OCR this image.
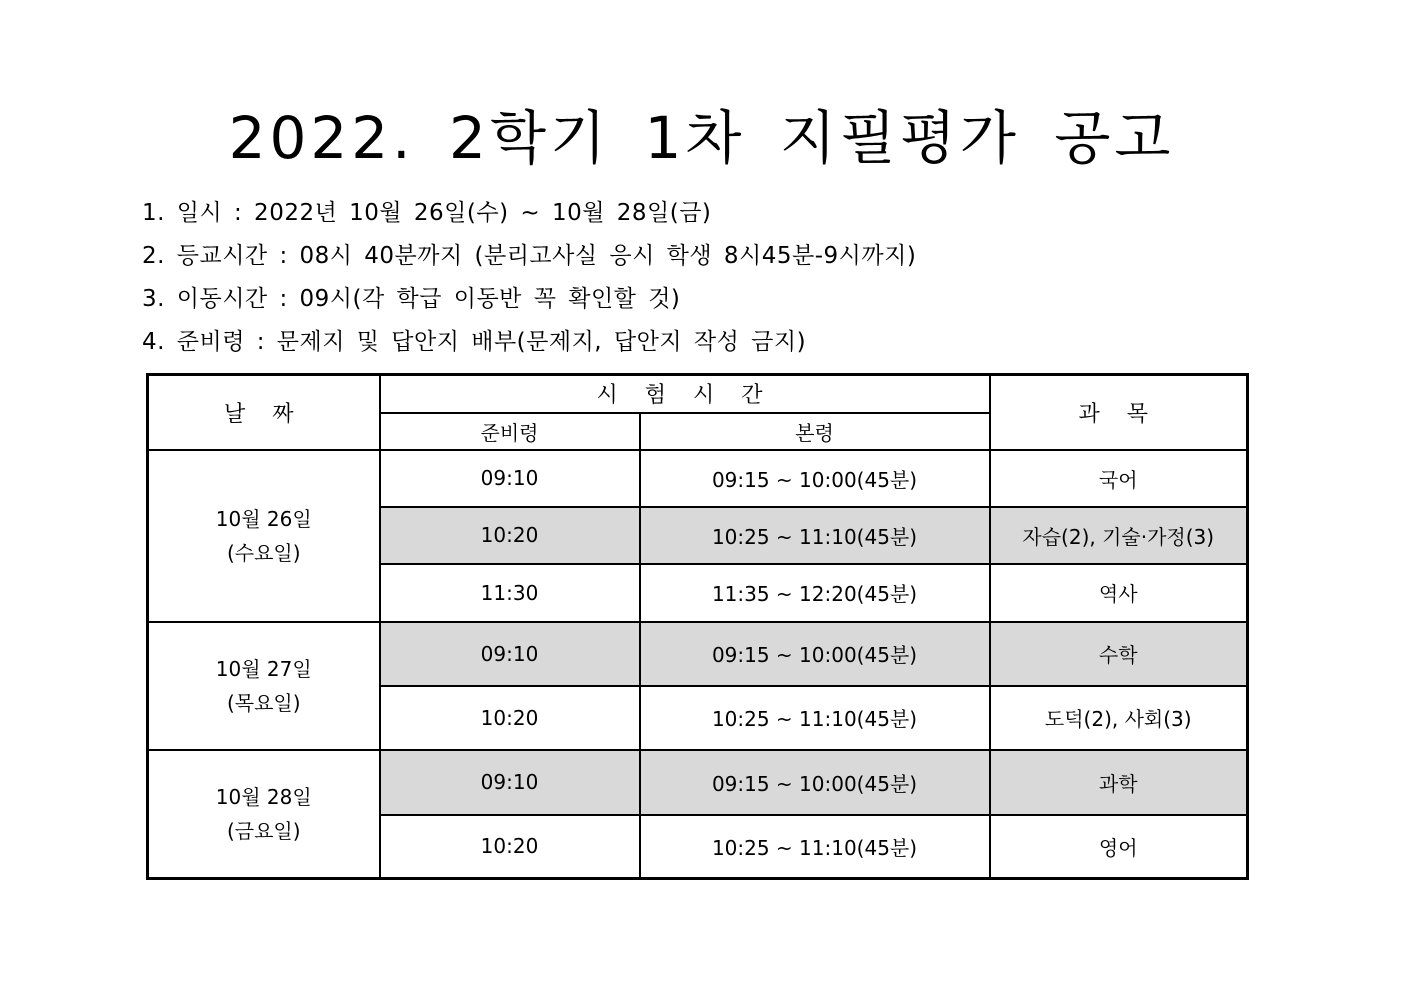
2022. 2학기 1차 지필평가 공고
1. 일시 : 2022년 10월 26일(수) ~ 10월 28일(금)
2. 등교시간 : 08시 40분까지 (분리고사실 응시 학생 8시45분-9시까지)
3. 이동시간 : 09시(각 학급 이동반 꼭 확인할 것)
4. 준비령 : 문제지 및 답안지 배부(문제지, 답안지 작성 금지)
날 짜	시 험 시 간		과 목
	준비령	본령	

10월 26일
(수요일)	09:10	09:15 ~ 10:00(45분)	국어
	10:20	10:25 ~ 11:10(45분)	자습(2), 기술·가정(3)
	11:30	11:35 ~ 12:20(45분)	역사

10월 27일
(목요일)	09:10	09:15 ~ 10:00(45분)	수학
	10:20	10:25 ~ 11:10(45분)	도덕(2), 사회(3)

10월 28일
(금요일)	09:10	09:15 ~ 10:00(45분)	과학
	10:20	10:25 ~ 11:10(45분)	영어
